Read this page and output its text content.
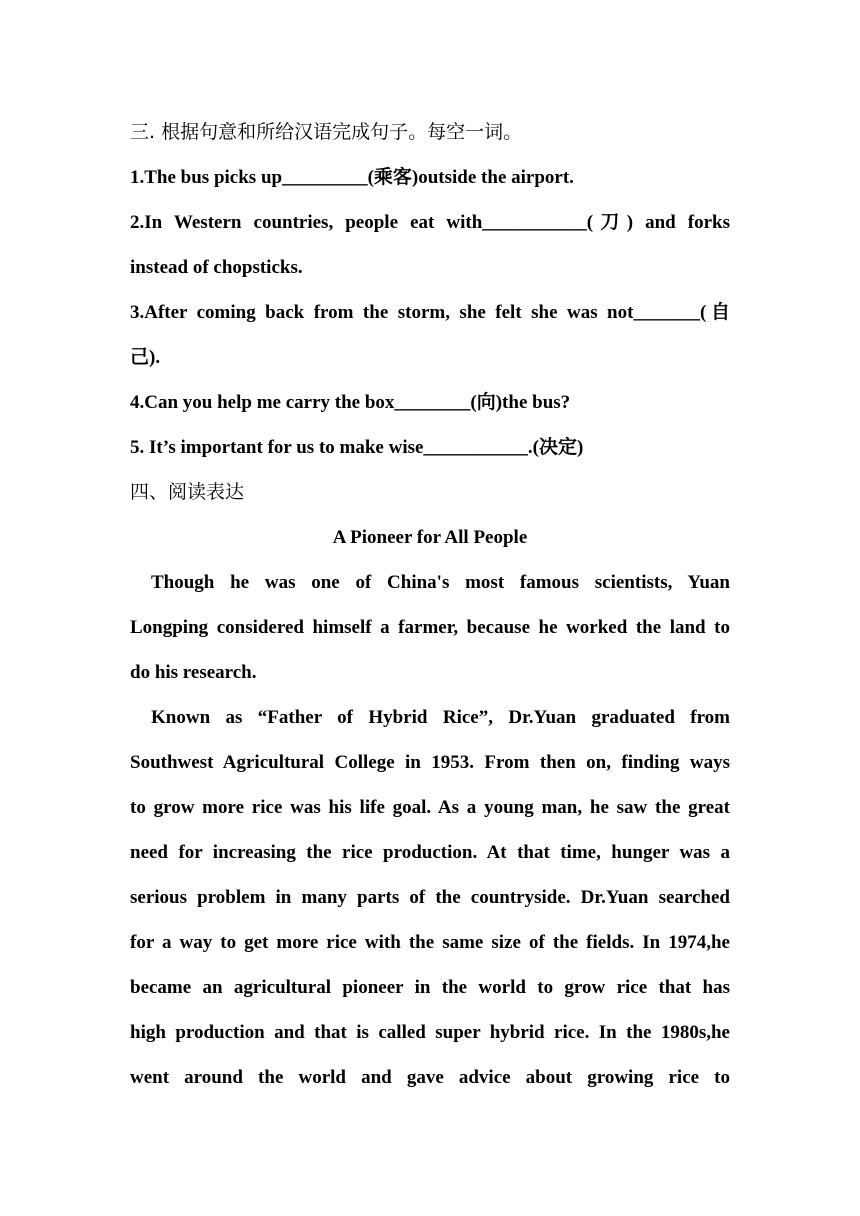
三. 根据句意和所给汉语完成句子。每空一词。
1.The bus picks up_________(乘客)outside the airport.
2.In Western countries, people eat with___________(刀) and forks
instead of chopsticks.
3.After coming back from the storm, she felt she was not_______(自
己).
4.Can you help me carry the box________(向)the bus?
5. It’s important for us to make wise___________.(决定)
四、阅读表达
A Pioneer for All People
Though he was one of China's most famous scientists, Yuan
Longping considered himself a farmer, because he worked the land to
do his research.
Known as “Father of Hybrid Rice”, Dr.Yuan graduated from
Southwest Agricultural College in 1953. From then on, finding ways
to grow more rice was his life goal. As a young man, he saw the great
need for increasing the rice production. At that time, hunger was a
serious problem in many parts of the countryside. Dr.Yuan searched
for a way to get more rice with the same size of the fields. In 1974,he
became an agricultural pioneer in the world to grow rice that has
high production and that is called super hybrid rice. In the 1980s,he
went around the world and gave advice about growing rice to
